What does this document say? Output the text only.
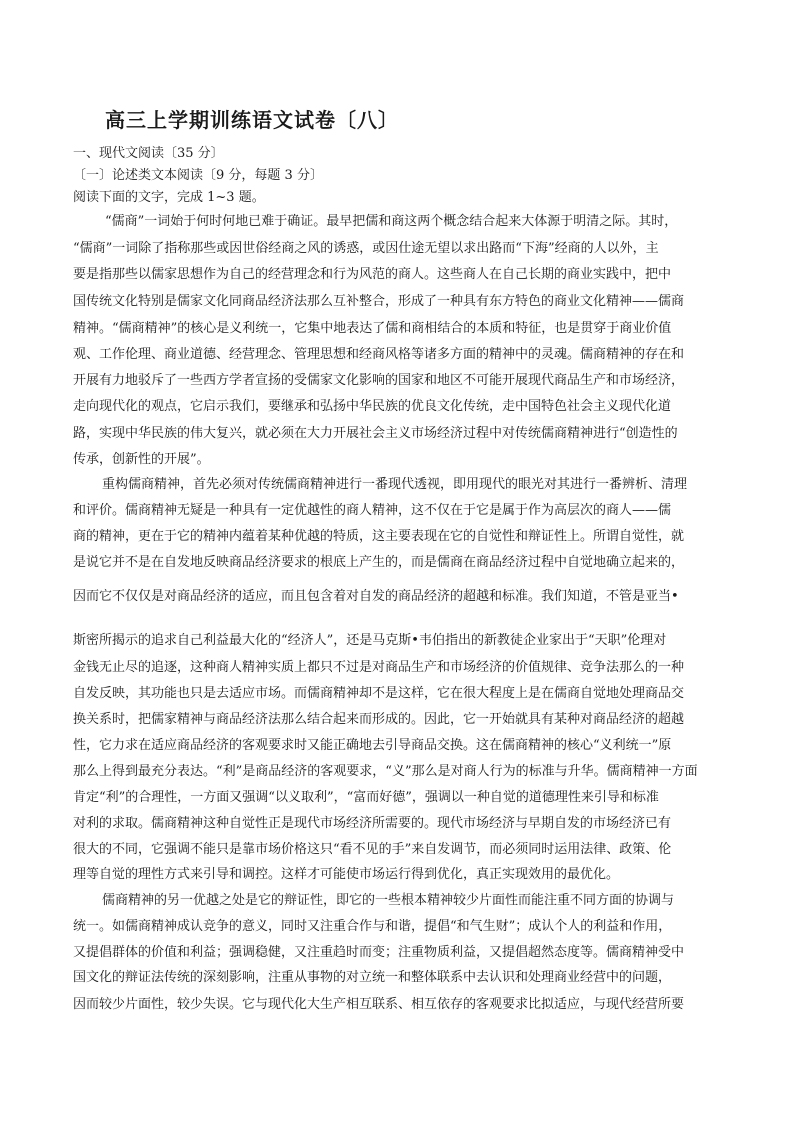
高三上学期训练语文试卷〔八〕

一、现代文阅读〔35 分〕

〔一〕论述类文本阅读〔9 分，每题 3 分〕

阅读下面的文字，完成 1~3 题。

“儒商”一词始于何时何地已难于确证。最早把儒和商这两个概念结合起来大体源于明清之际。其时，

“儒商”一词除了指称那些或因世俗经商之风的诱惑，或因仕途无望以求出路而“下海”经商的人以外，主

要是指那些以儒家思想作为自己的经营理念和行为风范的商人。这些商人在自己长期的商业实践中，把中

国传统文化特别是儒家文化同商品经济法那么互补整合，形成了一种具有东方特色的商业文化精神——儒商

精神。“儒商精神”的核心是义利统一，它集中地表达了儒和商相结合的本质和特征，也是贯穿于商业价值

观、工作伦理、商业道德、经营理念、管理思想和经商风格等诸多方面的精神中的灵魂。儒商精神的存在和

开展有力地驳斥了一些西方学者宣扬的受儒家文化影响的国家和地区不可能开展现代商品生产和市场经济，

走向现代化的观点，它启示我们，要继承和弘扬中华民族的优良文化传统，走中国特色社会主义现代化道

路，实现中华民族的伟大复兴，就必须在大力开展社会主义市场经济过程中对传统儒商精神进行“创造性的

传承，创新性的开展”。

重构儒商精神，首先必须对传统儒商精神进行一番现代透视，即用现代的眼光对其进行一番辨析、清理

和评价。儒商精神无疑是一种具有一定优越性的商人精神，这不仅在于它是属于作为高层次的商人——儒

商的精神，更在于它的精神内蕴着某种优越的特质，这主要表现在它的自觉性和辩证性上。所谓自觉性，就

是说它并不是在自发地反映商品经济要求的根底上产生的，而是儒商在商品经济过程中自觉地确立起来的，

因而它不仅仅是对商品经济的适应，而且包含着对自发的商品经济的超越和标准。我们知道，不管是亚当•

斯密所揭示的追求自己利益最大化的“经济人”，还是马克斯•韦伯指出的新教徒企业家出于“天职”伦理对

金钱无止尽的追逐，这种商人精神实质上都只不过是对商品生产和市场经济的价值规律、竞争法那么的一种

自发反映，其功能也只是去适应市场。而儒商精神却不是这样，它在很大程度上是在儒商自觉地处理商品交

换关系时，把儒家精神与商品经济法那么结合起来而形成的。因此，它一开始就具有某种对商品经济的超越

性，它力求在适应商品经济的客观要求时又能正确地去引导商品交换。这在儒商精神的核心“义利统一”原

那么上得到最充分表达。“利”是商品经济的客观要求，“义”那么是对商人行为的标准与升华。儒商精神一方面

肯定“利”的合理性，一方面又强调“以义取利”，“富而好德”，强调以一种自觉的道德理性来引导和标准

对利的求取。儒商精神这种自觉性正是现代市场经济所需要的。现代市场经济与早期自发的市场经济已有

很大的不同，它强调不能只是靠市场价格这只“看不见的手”来自发调节，而必须同时运用法律、政策、伦

理等自觉的理性方式来引导和调控。这样才可能使市场运行得到优化，真正实现效用的最优化。

儒商精神的另一优越之处是它的辩证性，即它的一些根本精神较少片面性而能注重不同方面的协调与

统一。如儒商精神成认竞争的意义，同时又注重合作与和谐，提倡“和气生财”；成认个人的利益和作用，

又提倡群体的价值和利益；强调稳健，又注重趋时而变；注重物质利益，又提倡超然态度等。儒商精神受中

国文化的辩证法传统的深刻影响，注重从事物的对立统一和整体联系中去认识和处理商业经营中的问题，

因而较少片面性，较少失误。它与现代化大生产相互联系、相互依存的客观要求比拟适应，与现代经营所要
